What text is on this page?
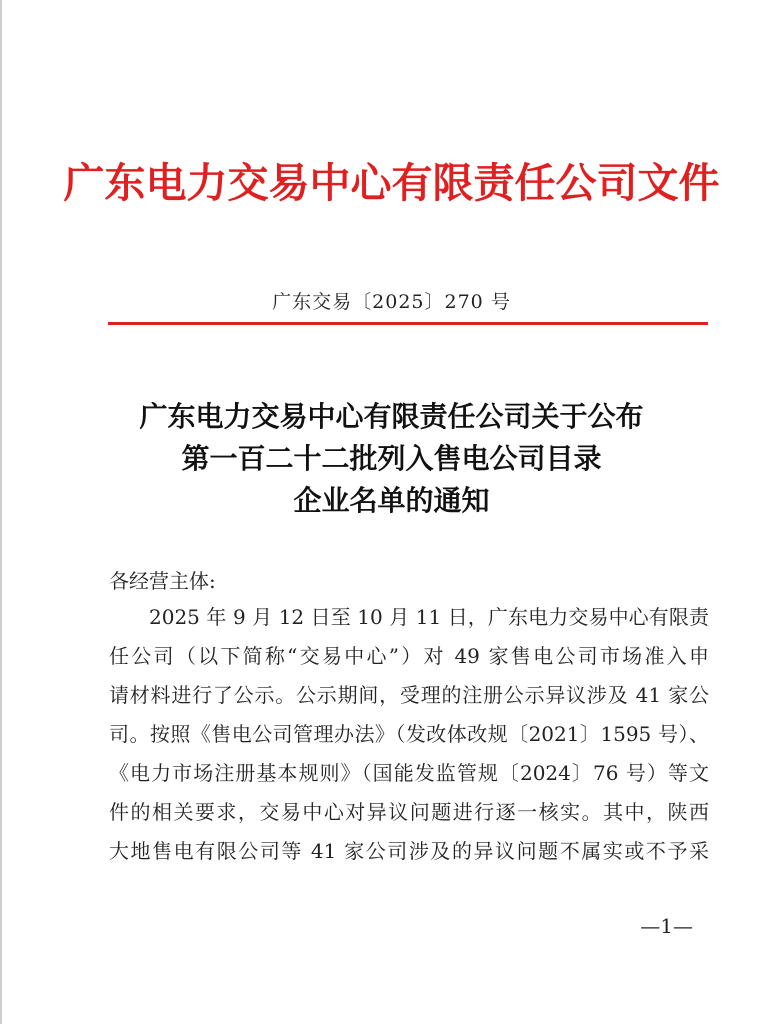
广东电力交易中心有限责任公司文件
广东交易〔2025〕270 号
广东电力交易中心有限责任公司关于公布
第一百二十二批列入售电公司目录
企业名单的通知
各经营主体:
2025 年 9 月 12 日至 10 月 11 日，广东电力交易中心有限责
任公司（以下简称“交易中心”）对 49 家售电公司市场准入申
请材料进行了公示。公示期间，受理的注册公示异议涉及 41 家公
司。按照《售电公司管理办法》（发改体改规〔2021〕1595 号）、
《电力市场注册基本规则》（国能发监管规〔2024〕76 号）等文
件的相关要求，交易中心对异议问题进行逐一核实。其中，陕西
大地售电有限公司等 41 家公司涉及的异议问题不属实或不予采
—1—
